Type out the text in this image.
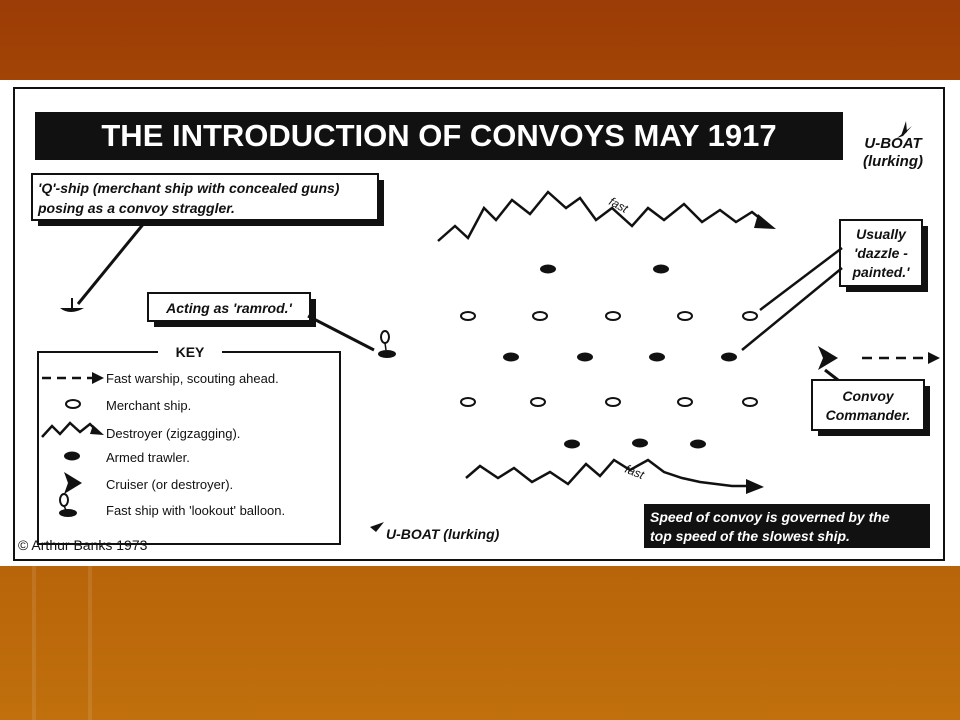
THE INTRODUCTION OF CONVOYS MAY 1917	U-BOAT
(lurking)
'Q'-ship (merchant ship with concealed guns)
posing as a convoy straggler.
Acting as 'ramrod.'
KEY
Fast warship, scouting ahead.
Merchant ship.
Destroyer (zigzagging).
Armed trawler.
Cruiser (or destroyer).
Fast ship with 'lookout' balloon.
© Arthur Banks 1973
fast
fast
Usually
'dazzle -
painted.'
Convoy
Commander.
U-BOAT (lurking)
Speed of convoy is governed by the
top speed of the slowest ship.
